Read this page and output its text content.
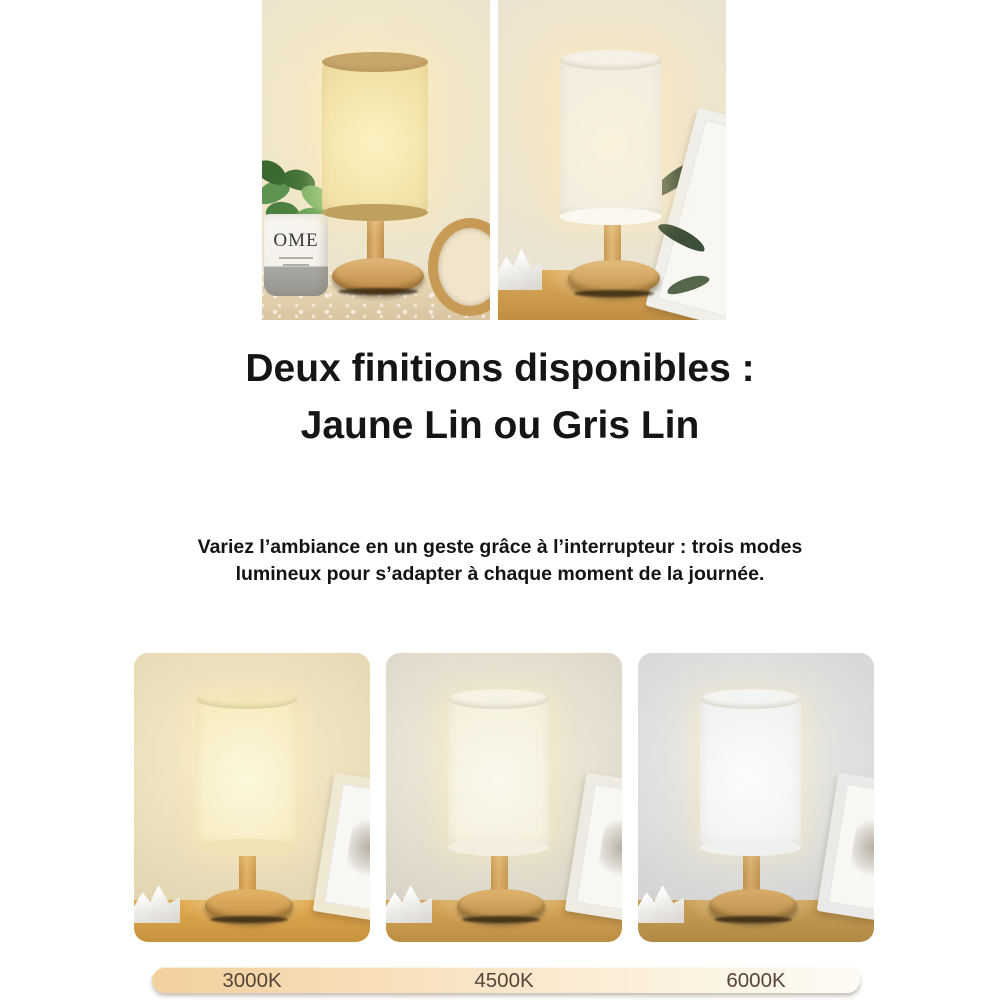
OME
Deux finitions disponibles :
Jaune Lin ou Gris Lin

Variez l’ambiance en un geste grâce à l’interrupteur : trois modes lumineux pour s’adapter à chaque moment de la journée.

3000K	4500K	6000K
